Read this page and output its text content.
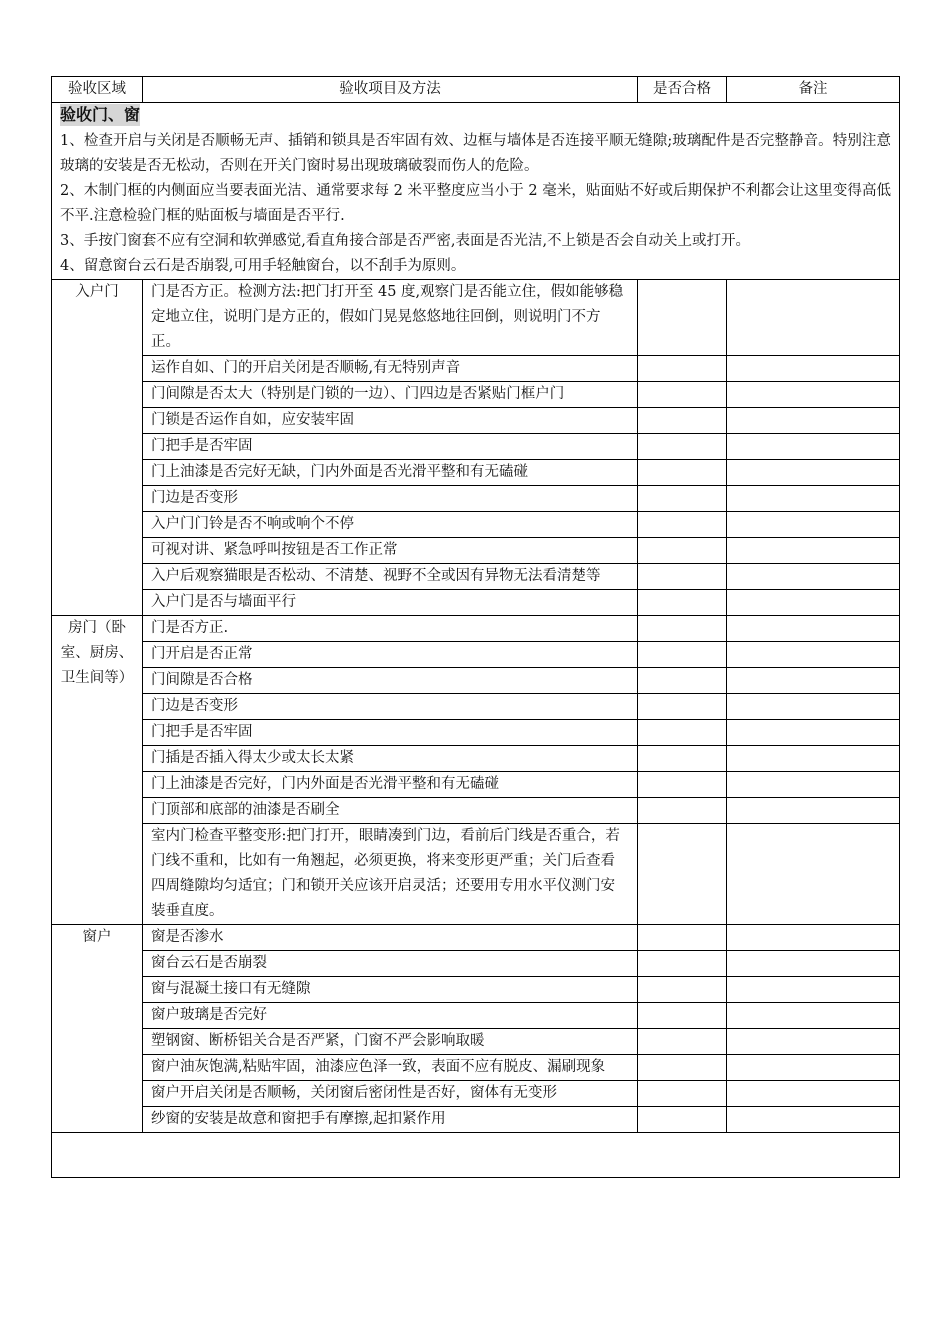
验收区域	验收项目及方法	是否合格	备注
验收门、窗

1、检查开启与关闭是否顺畅无声、插销和锁具是否牢固有效、边框与墙体是否连接平顺无缝隙;玻璃配件是否完整静音。特别注意玻璃的安装是否无松动，否则在开关门窗时易出现玻璃破裂而伤人的危险。

2、木制门框的内侧面应当要表面光洁、通常要求每 2 米平整度应当小于 2 毫米，贴面贴不好或后期保护不利都会让这里变得高低不平.注意检验门框的贴面板与墙面是否平行.

3、手按门窗套不应有空洞和软弹感觉,看直角接合部是否严密,表面是否光洁,不上锁是否会自动关上或打开。

4、留意窗台云石是否崩裂,可用手轻触窗台，以不刮手为原则。			

入户门	门是否方正。检测方法:把门打开至 45 度,观察门是否能立住，假如能够稳定地立住，说明门是方正的，假如门晃晃悠悠地往回倒，则说明门不方正。		
	运作自如、门的开启关闭是否顺畅,有无特别声音		
	门间隙是否太大（特别是门锁的一边）、门四边是否紧贴门框户门		
	门锁是否运作自如，应安装牢固		
	门把手是否牢固		
	门上油漆是否完好无缺，门内外面是否光滑平整和有无磕碰		
	门边是否变形		
	入户门门铃是否不响或响个不停		
	可视对讲、紧急呼叫按钮是否工作正常		
	入户后观察猫眼是否松动、不清楚、视野不全或因有异物无法看清楚等		
	入户门是否与墙面平行		
房门（卧室、厨房、卫生间等）	门是否方正.		
	门开启是否正常		
	门间隙是否合格		
	门边是否变形		
	门把手是否牢固		
	门插是否插入得太少或太长太紧		
	门上油漆是否完好，门内外面是否光滑平整和有无磕碰		
	门顶部和底部的油漆是否刷全		
	室内门检查平整变形:把门打开，眼睛凑到门边，看前后门线是否重合，若门线不重和，比如有一角翘起，必须更换，将来变形更严重；关门后查看四周缝隙均匀适宜；门和锁开关应该开启灵活；还要用专用水平仪测门安装垂直度。		
窗户	窗是否渗水		
	窗台云石是否崩裂		
	窗与混凝土接口有无缝隙		
	窗户玻璃是否完好		
	塑钢窗、断桥铝关合是否严紧，门窗不严会影响取暖		
	窗户油灰饱满,粘贴牢固，油漆应色泽一致，表面不应有脱皮、漏刷现象		
	窗户开启关闭是否顺畅，关闭窗后密闭性是否好，窗体有无变形		
	纱窗的安装是故意和窗把手有摩擦,起扣紧作用		
